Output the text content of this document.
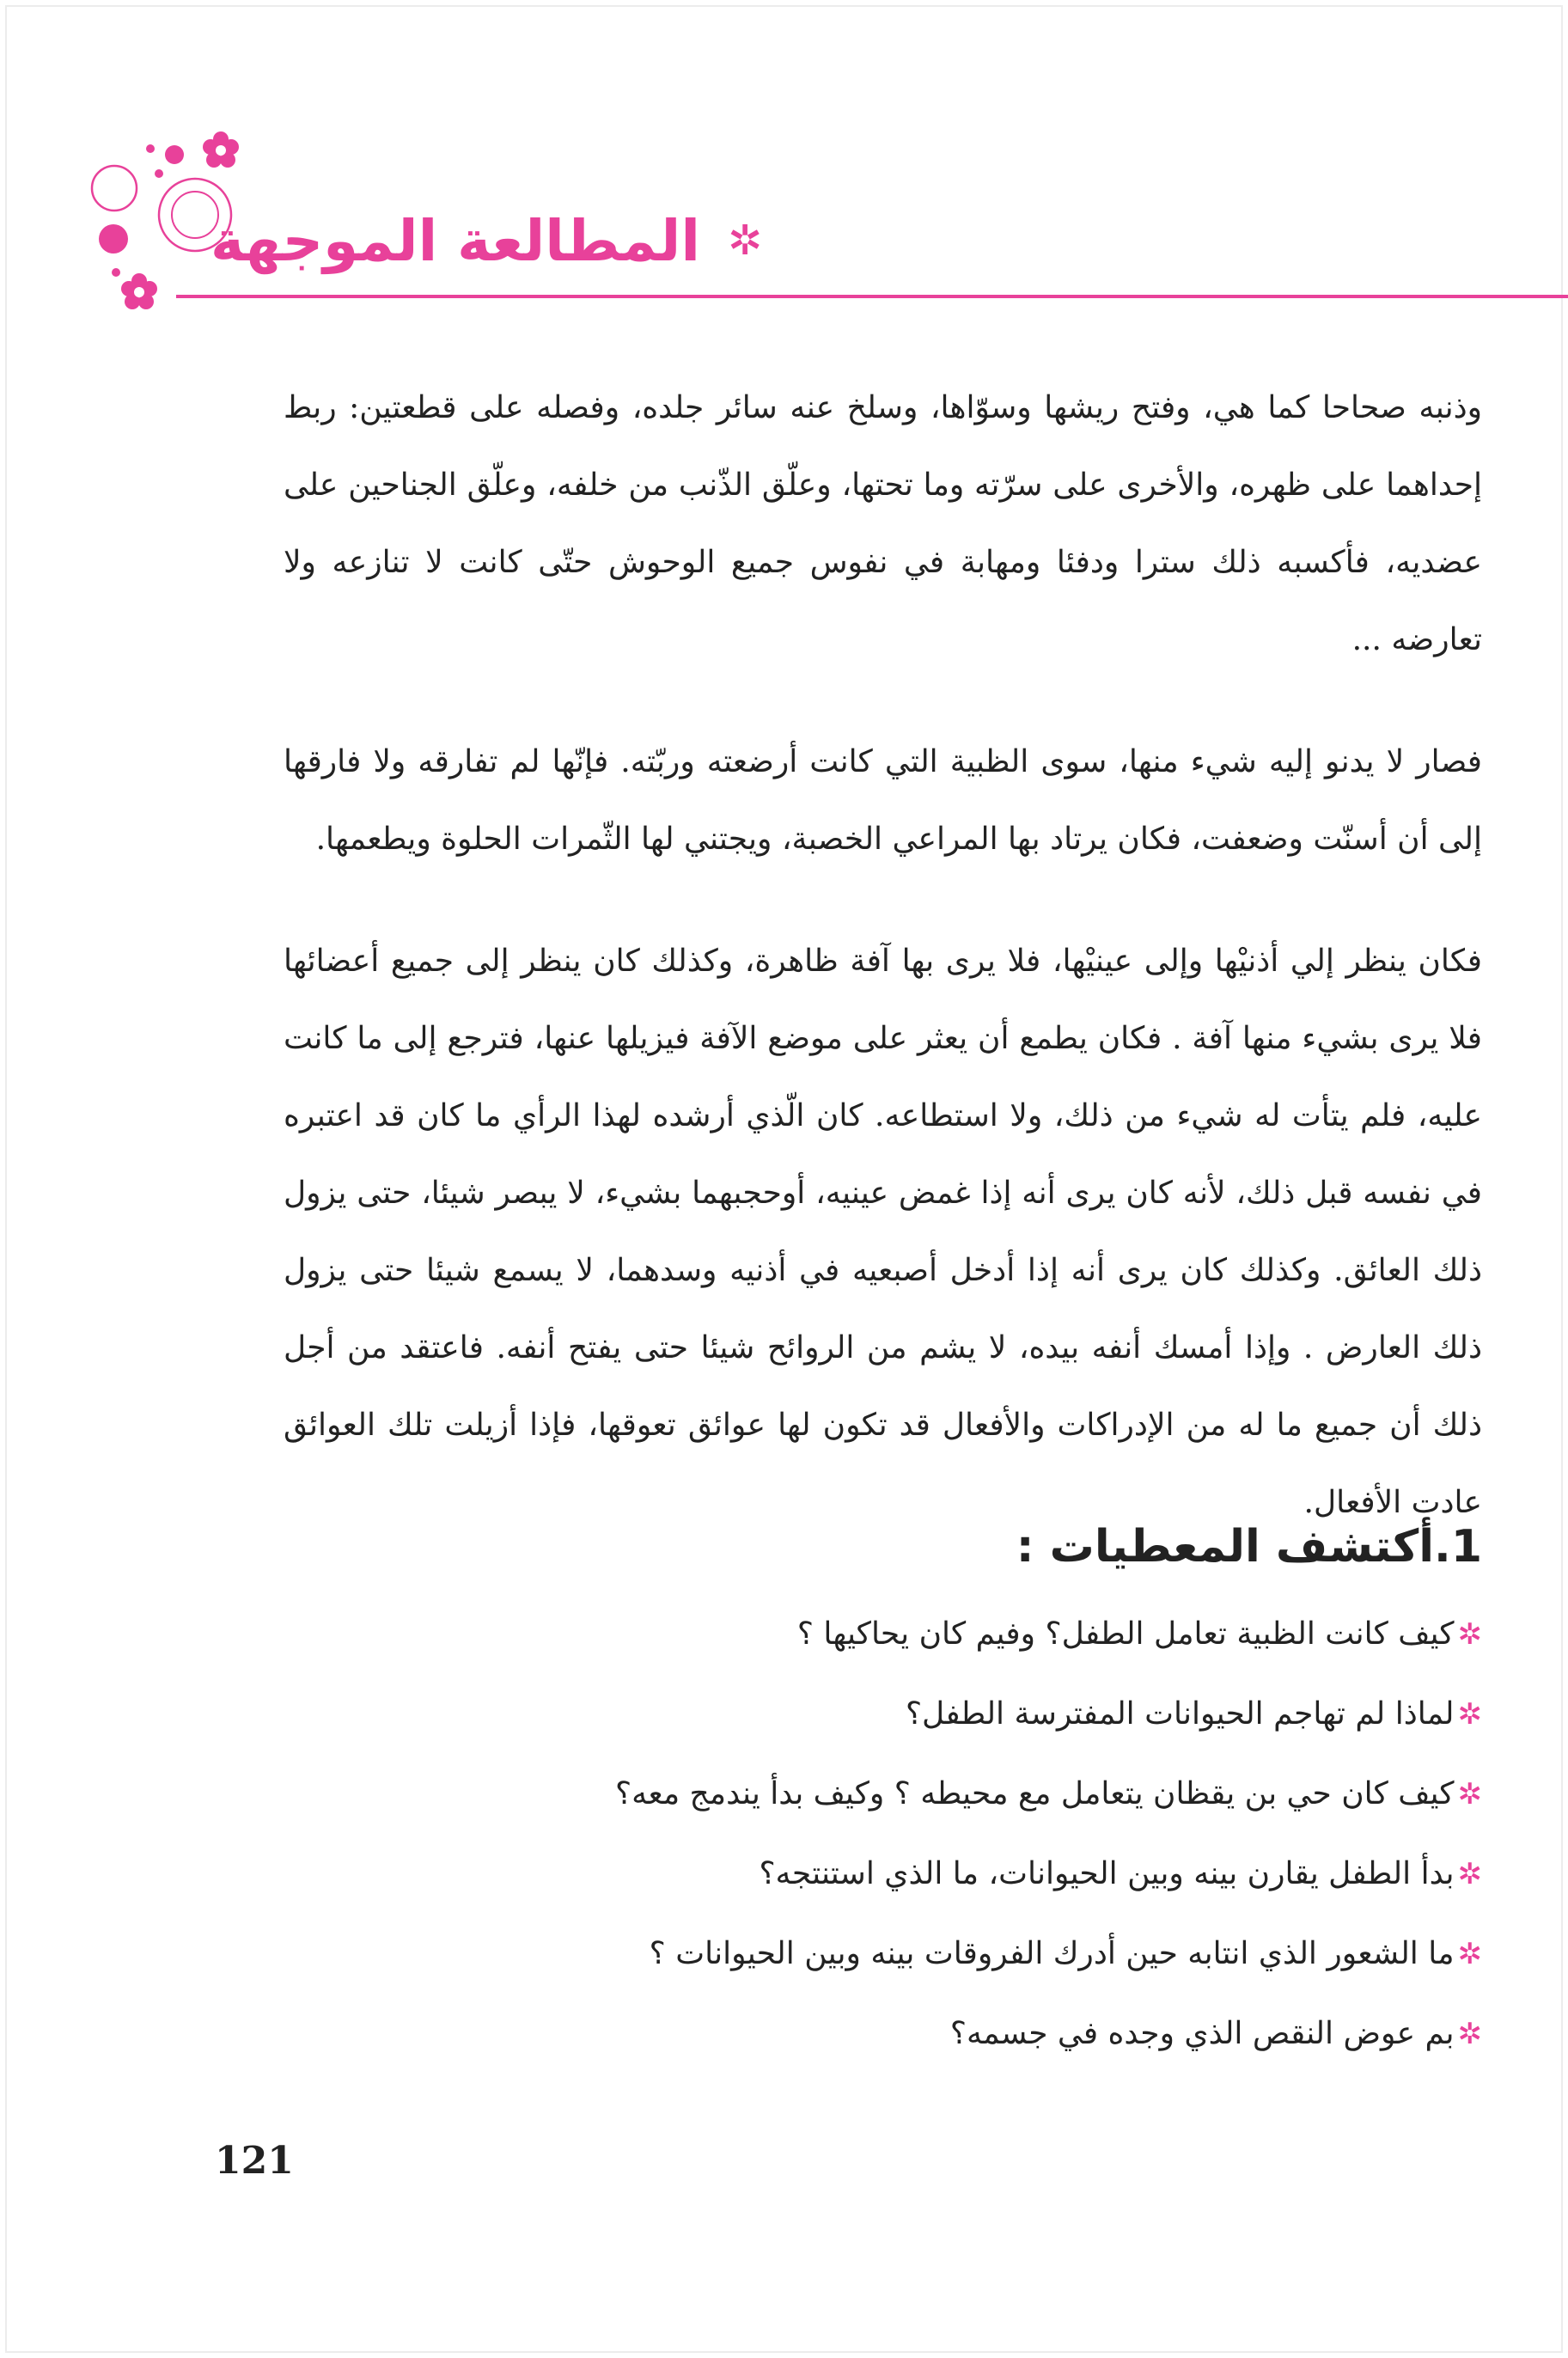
✲
المطالعة الموجهة

وذنبه صحاحا كما هي، وفتح ريشها وسوّاها، وسلخ عنه سائر جلده، وفصله على قطعتين: ربط إحداهما على ظهره، والأخرى على سرّته وما تحتها، وعلّق الذّنب من خلفه، وعلّق الجناحين على عضديه، فأكسبه ذلك سترا ودفئا ومهابة في نفوس جميع الوحوش حتّى كانت لا تنازعه ولا تعارضه ...

فصار لا يدنو إليه شيء منها، سوى الظبية التي كانت أرضعته وربّته. فإنّها لم تفارقه ولا فارقها إلى أن أسنّت وضعفت، فكان يرتاد بها المراعي الخصبة، ويجتني لها الثّمرات الحلوة ويطعمها.

فكان ينظر إلي أذنيْها وإلى عينيْها، فلا يرى بها آفة ظاهرة، وكذلك كان ينظر إلى جميع أعضائها فلا يرى بشيء منها آفة . فكان يطمع أن يعثر على موضع الآفة فيزيلها عنها، فترجع إلى ما كانت عليه، فلم يتأت له شيء من ذلك، ولا استطاعه. كان الّذي أرشده لهذا الرأي ما كان قد اعتبره في نفسه قبل ذلك، لأنه كان يرى أنه إذا غمض عينيه، أوحجبهما بشيء، لا يبصر شيئا، حتى يزول ذلك العائق. وكذلك كان يرى أنه إذا أدخل أصبعيه في أذنيه وسدهما، لا يسمع شيئا حتى يزول ذلك العارض . وإذا أمسك أنفه بيده، لا يشم من الروائح شيئا حتى يفتح أنفه. فاعتقد من أجل ذلك أن جميع ما له من الإدراكات والأفعال قد تكون لها عوائق تعوقها، فإذا أزيلت تلك العوائق عادت الأفعال.

1.أكتشف المعطيات :
✲كيف كانت الظبية تعامل الطفل؟ وفيم كان يحاكيها ؟
✲لماذا لم تهاجم الحيوانات المفترسة الطفل؟
✲كيف كان حي بن يقظان يتعامل مع محيطه ؟ وكيف بدأ يندمج معه؟
✲بدأ الطفل يقارن بينه وبين الحيوانات، ما الذي استنتجه؟
✲ما الشعور الذي انتابه حين أدرك الفروقات بينه وبين الحيوانات ؟
✲بم عوض النقص الذي وجده في جسمه؟
121
